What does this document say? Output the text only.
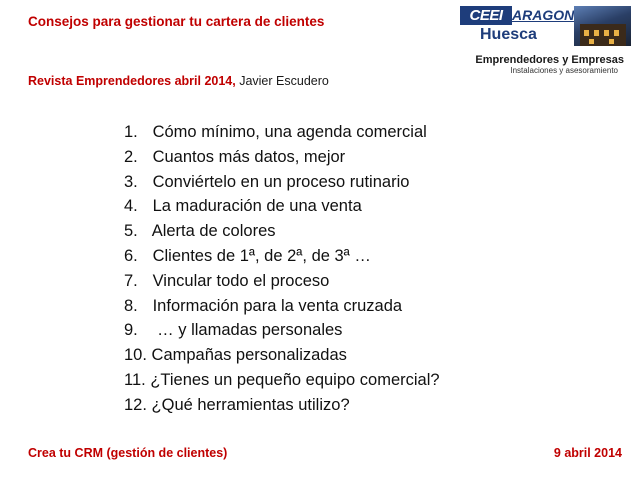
Consejos para gestionar tu cartera de clientes	CEEI ARAGON
Huesca
Emprendedores y Empresas
Instalaciones y asesoramiento
Revista Emprendedores abril 2014, Javier Escudero
1. Cómo mínimo, una agenda comercial
2. Cuantos más datos, mejor
3. Conviértelo en un proceso rutinario
4. La maduración de una venta
5. Alerta de colores
6. Clientes de 1ª, de 2ª, de 3ª …
7. Vincular todo el proceso
8. Información para la venta cruzada
9.  … y llamadas personales
10. Campañas personalizadas
11. ¿Tienes un pequeño equipo comercial?
12. ¿Qué herramientas utilizo?
Crea tu CRM (gestión de clientes)	9 abril 2014
